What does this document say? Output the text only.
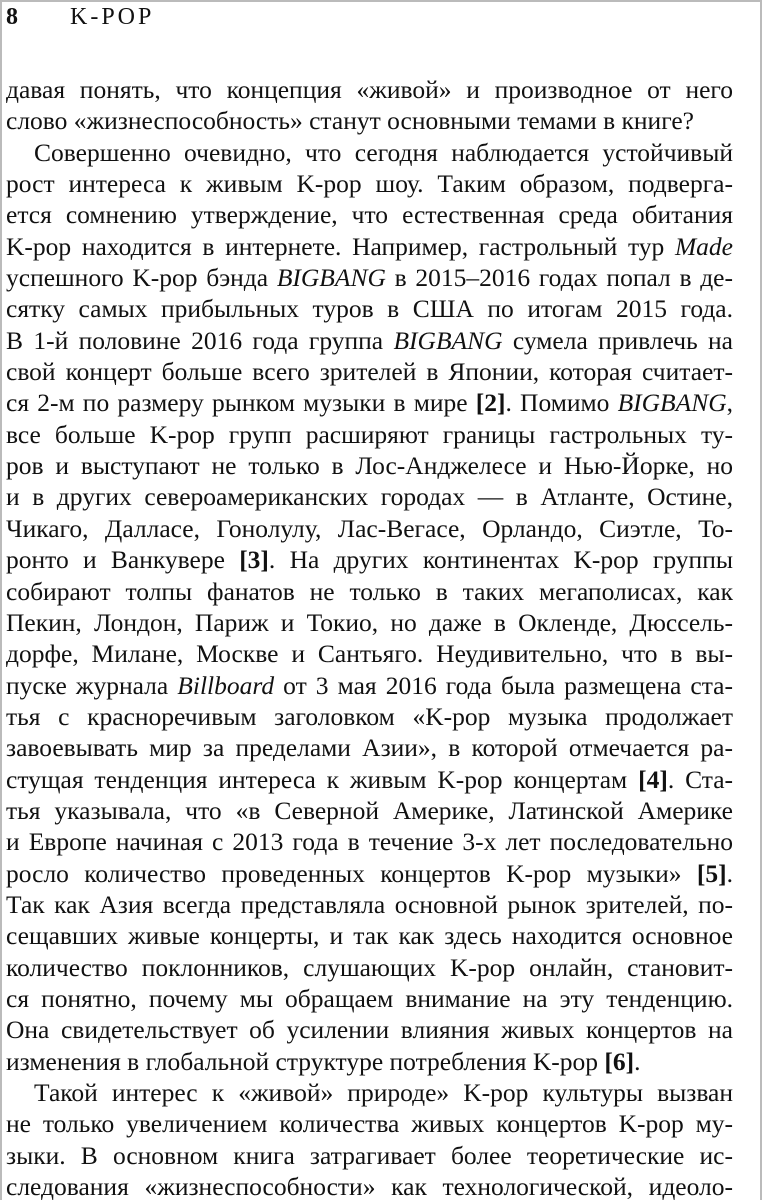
8 K-POP
давая понять, что концепция «живой» и производное от него
слово «жизнеспособность» станут основными темами в книге?
Совершенно очевидно, что сегодня наблюдается устойчивый
рост интереса к живым K-pop шоу. Таким образом, подверга-
ется сомнению утверждение, что естественная среда обитания
K-pop находится в интернете. Например, гастрольный тур Made
успешного K-pop бэнда BIGBANG в 2015–2016 годах попал в де-
сятку самых прибыльных туров в США по итогам 2015 года.
В 1-й половине 2016 года группа BIGBANG сумела привлечь на
свой концерт больше всего зрителей в Японии, которая считает-
ся 2-м по размеру рынком музыки в мире [2]. Помимо BIGBANG,
все больше K-pop групп расширяют границы гастрольных ту-
ров и выступают не только в Лос-Анджелесе и Нью-Йорке, но
и в других североамериканских городах — в Атланте, Остине,
Чикаго, Далласе, Гонолулу, Лас-Вегасе, Орландо, Сиэтле, То-
ронто и Ванкувере [3]. На других континентах K-pop группы
собирают толпы фанатов не только в таких мегаполисах, как
Пекин, Лондон, Париж и Токио, но даже в Окленде, Дюссель-
дорфе, Милане, Москве и Сантьяго. Неудивительно, что в вы-
пуске журнала Billboard от 3 мая 2016 года была размещена ста-
тья с красноречивым заголовком «K-pop музыка продолжает
завоевывать мир за пределами Азии», в которой отмечается ра-
стущая тенденция интереса к живым K-pop концертам [4]. Ста-
тья указывала, что «в Северной Америке, Латинской Америке
и Европе начиная с 2013 года в течение 3-х лет последовательно
росло количество проведенных концертов K-pop музыки» [5].
Так как Азия всегда представляла основной рынок зрителей, по-
сещавших живые концерты, и так как здесь находится основное
количество поклонников, слушающих K-pop онлайн, становит-
ся понятно, почему мы обращаем внимание на эту тенденцию.
Она свидетельствует об усилении влияния живых концертов на
изменения в глобальной структуре потребления K-pop [6].
Такой интерес к «живой» природе» K-pop культуры вызван
не только увеличением количества живых концертов K-pop му-
зыки. В основном книга затрагивает более теоретические ис-
следования «жизнеспособности» как технологической, идеоло-
